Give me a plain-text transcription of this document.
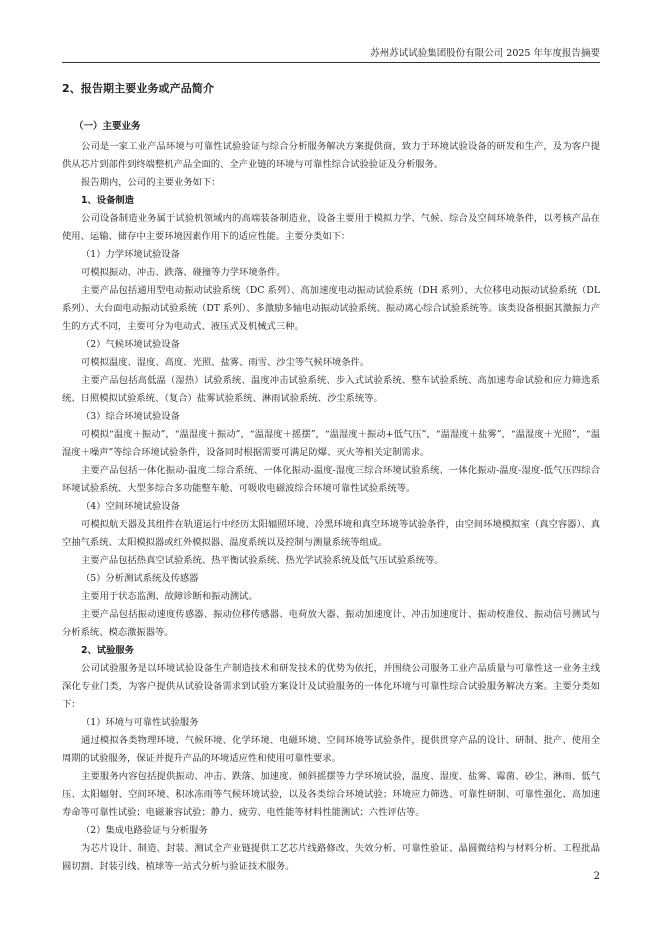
苏州苏试试验集团股份有限公司 2025 年年度报告摘要
2、报告期主要业务或产品简介
（一）主要业务

公司是一家工业产品环境与可靠性试验验证与综合分析服务解决方案提供商，致力于环境试验设备的研发和生产，及为客户提供从芯片到部件到终端整机产品全面的、全产业链的环境与可靠性综合试验验证及分析服务。

报告期内，公司的主要业务如下：

1、设备制造

公司设备制造业务属于试验机领域内的高端装备制造业，设备主要用于模拟力学、气候、综合及空间环境条件，以考核产品在使用、运输、储存中主要环境因素作用下的适应性能。主要分类如下：

（1）力学环境试验设备

可模拟振动、冲击、跌落、碰撞等力学环境条件。

主要产品包括通用型电动振动试验系统（DC 系列）、高加速度电动振动试验系统（DH 系列）、大位移电动振动试验系统（DL 系列）、大台面电动振动试验系统（DT 系列）、多激励多轴电动振动试验系统、振动离心综合试验系统等。该类设备根据其激振力产生的方式不同，主要可分为电动式、液压式及机械式三种。

（2）气候环境试验设备

可模拟温度、湿度、高度、光照、盐雾、雨雪、沙尘等气候环境条件。

主要产品包括高低温（湿热）试验系统、温度冲击试验系统、步入式试验系统、整车试验系统、高加速寿命试验和应力筛选系统、日照模拟试验系统、（复合）盐雾试验系统、淋雨试验系统、沙尘系统等。

（3）综合环境试验设备

可模拟“温度＋振动”，“温湿度＋振动”，“温湿度＋摇摆”，“温湿度＋振动+低气压”，“温湿度＋盐雾”，“温湿度＋光照”，“温湿度＋噪声”等综合环境试验条件，设备同时根据需要可满足防爆、灭火等相关定制需求。

主要产品包括一体化振动-温度二综合系统、一体化振动-温度-湿度三综合环境试验系统、一体化振动-温度-湿度-低气压四综合环境试验系统、大型多综合多功能整车舱、可吸收电磁波综合环境可靠性试验系统等。

（4）空间环境试验设备

可模拟航天器及其组件在轨道运行中经历太阳辐照环境、冷黑环境和真空环境等试验条件，由空间环境模拟室（真空容器）、真空抽气系统、太阳模拟器或红外模拟器、温度系统以及控制与测量系统等组成。

主要产品包括热真空试验系统、热平衡试验系统、热光学试验系统及低气压试验系统等。

（5）分析测试系统及传感器

主要用于状态监测、故障诊断和振动测试。

主要产品包括振动速度传感器、振动位移传感器、电荷放大器、振动加速度计、冲击加速度计、振动校准仪、振动信号测试与分析系统、模态激振器等。

2、试验服务

公司试验服务是以环境试验设备生产制造技术和研发技术的优势为依托，并围绕公司服务工业产品质量与可靠性这一业务主线深化专业门类，为客户提供从试验设备需求到试验方案设计及试验服务的一体化环境与可靠性综合试验服务解决方案。主要分类如下：

（1）环境与可靠性试验服务

通过模拟各类物理环境、气候环境、化学环境、电磁环境、空间环境等试验条件，提供贯穿产品的设计、研制、批产、使用全周期的试验服务，保证并提升产品的环境适应性和使用可靠性要求。

主要服务内容包括提供振动、冲击、跌落、加速度、倾斜摇摆等力学环境试验，温度、湿度、盐雾、霉菌、砂尘、淋雨、低气压、太阳辐射、空间环境、积冰冻雨等气候环境试验，以及各类综合环境试验；环境应力筛选、可靠性研制、可靠性强化、高加速寿命等可靠性试验；电磁兼容试验；静力、疲劳、电性能等材料性能测试；六性评估等。

（2）集成电路验证与分析服务

为芯片设计、制造、封装、测试全产业链提供工艺芯片线路修改、失效分析、可靠性验证、晶圆微结构与材料分析、工程批晶圆切割、封装引线、植球等一站式分析与验证技术服务。

2
